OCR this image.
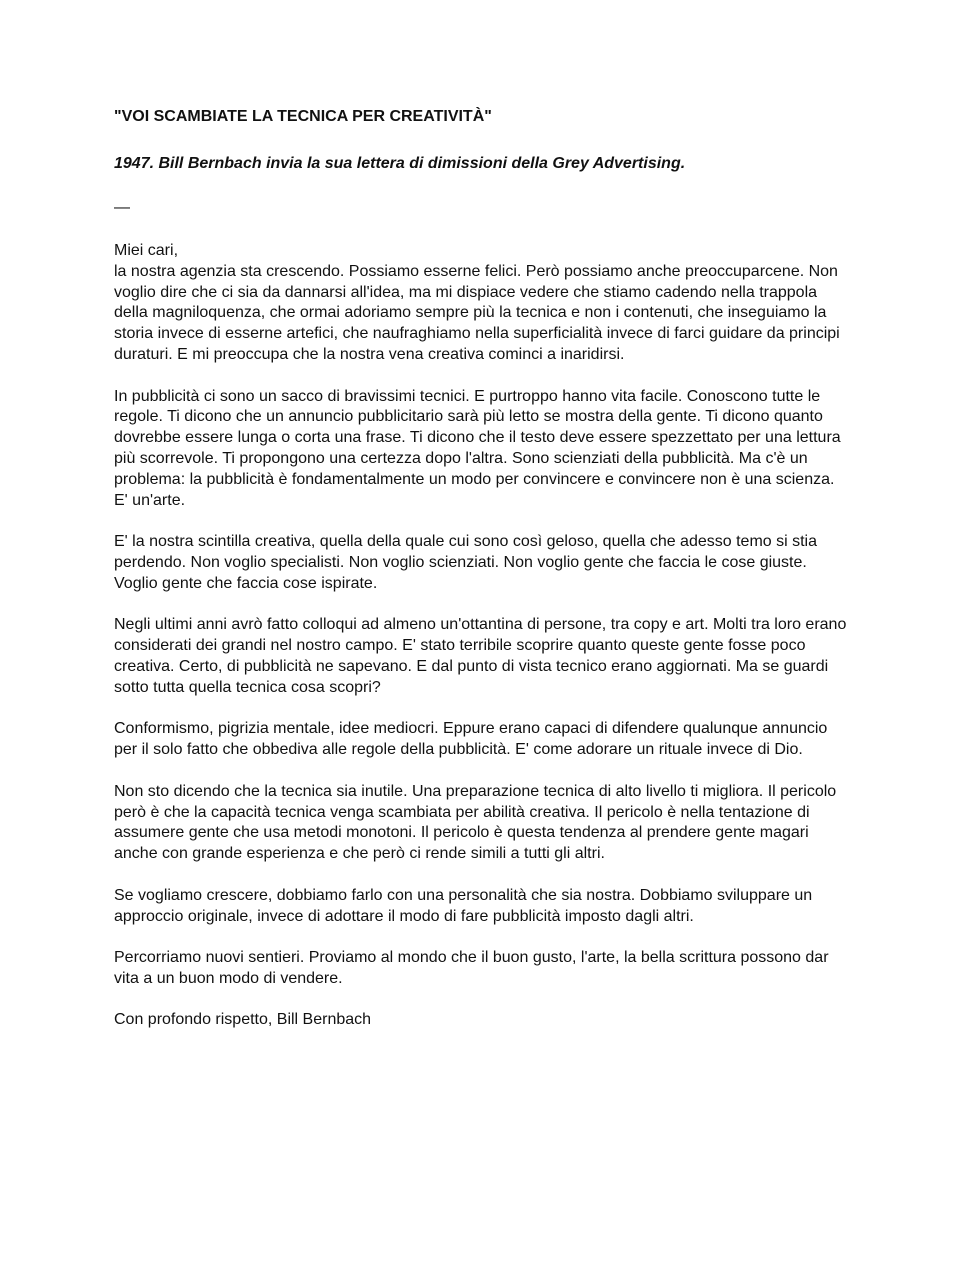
"VOI SCAMBIATE LA TECNICA PER CREATIVITÀ"

1947. Bill Bernbach invia la sua lettera di dimissioni della Grey Advertising.

—

Miei cari,

la nostra agenzia sta crescendo. Possiamo esserne felici. Però possiamo anche preoccuparcene. Non voglio dire che ci sia da dannarsi all'idea, ma mi dispiace vedere che stiamo cadendo nella trappola della magniloquenza, che ormai adoriamo sempre più la tecnica e non i contenuti, che inseguiamo la storia invece di esserne artefici, che naufraghiamo nella superficialità invece di farci guidare da principi duraturi. E mi preoccupa che la nostra vena creativa cominci a inaridirsi.

In pubblicità ci sono un sacco di bravissimi tecnici. E purtroppo hanno vita facile. Conoscono tutte le regole. Ti dicono che un annuncio pubblicitario sarà più letto se mostra della gente. Ti dicono quanto dovrebbe essere lunga o corta una frase. Ti dicono che il testo deve essere spezzettato per una lettura più scorrevole. Ti propongono una certezza dopo l'altra. Sono scienziati della pubblicità. Ma c'è un problema: la pubblicità è fondamentalmente un modo per convincere e convincere non è una scienza. E' un'arte.

E' la nostra scintilla creativa, quella della quale cui sono così geloso, quella che adesso temo si stia perdendo. Non voglio specialisti. Non voglio scienziati. Non voglio gente che faccia le cose giuste. Voglio gente che faccia cose ispirate.

Negli ultimi anni avrò fatto colloqui ad almeno un'ottantina di persone, tra copy e art. Molti tra loro erano considerati dei grandi nel nostro campo. E' stato terribile scoprire quanto queste gente fosse poco creativa. Certo, di pubblicità ne sapevano. E dal punto di vista tecnico erano aggiornati. Ma se guardi sotto tutta quella tecnica cosa scopri?

Conformismo, pigrizia mentale, idee mediocri. Eppure erano capaci di difendere qualunque annuncio per il solo fatto che obbediva alle regole della pubblicità. E' come adorare un rituale invece di Dio.

Non sto dicendo che la tecnica sia inutile. Una preparazione tecnica di alto livello ti migliora. Il pericolo però è che la capacità tecnica venga scambiata per abilità creativa. Il pericolo è nella tentazione di assumere gente che usa metodi monotoni. Il pericolo è questa tendenza al prendere gente magari anche con grande esperienza e che però ci rende simili a tutti gli altri.

Se vogliamo crescere, dobbiamo farlo con una personalità che sia nostra. Dobbiamo sviluppare un approccio originale, invece di adottare il modo di fare pubblicità imposto dagli altri.

Percorriamo nuovi sentieri. Proviamo al mondo che il buon gusto, l'arte, la bella scrittura possono dar vita a un buon modo di vendere.

Con profondo rispetto, Bill Bernbach
